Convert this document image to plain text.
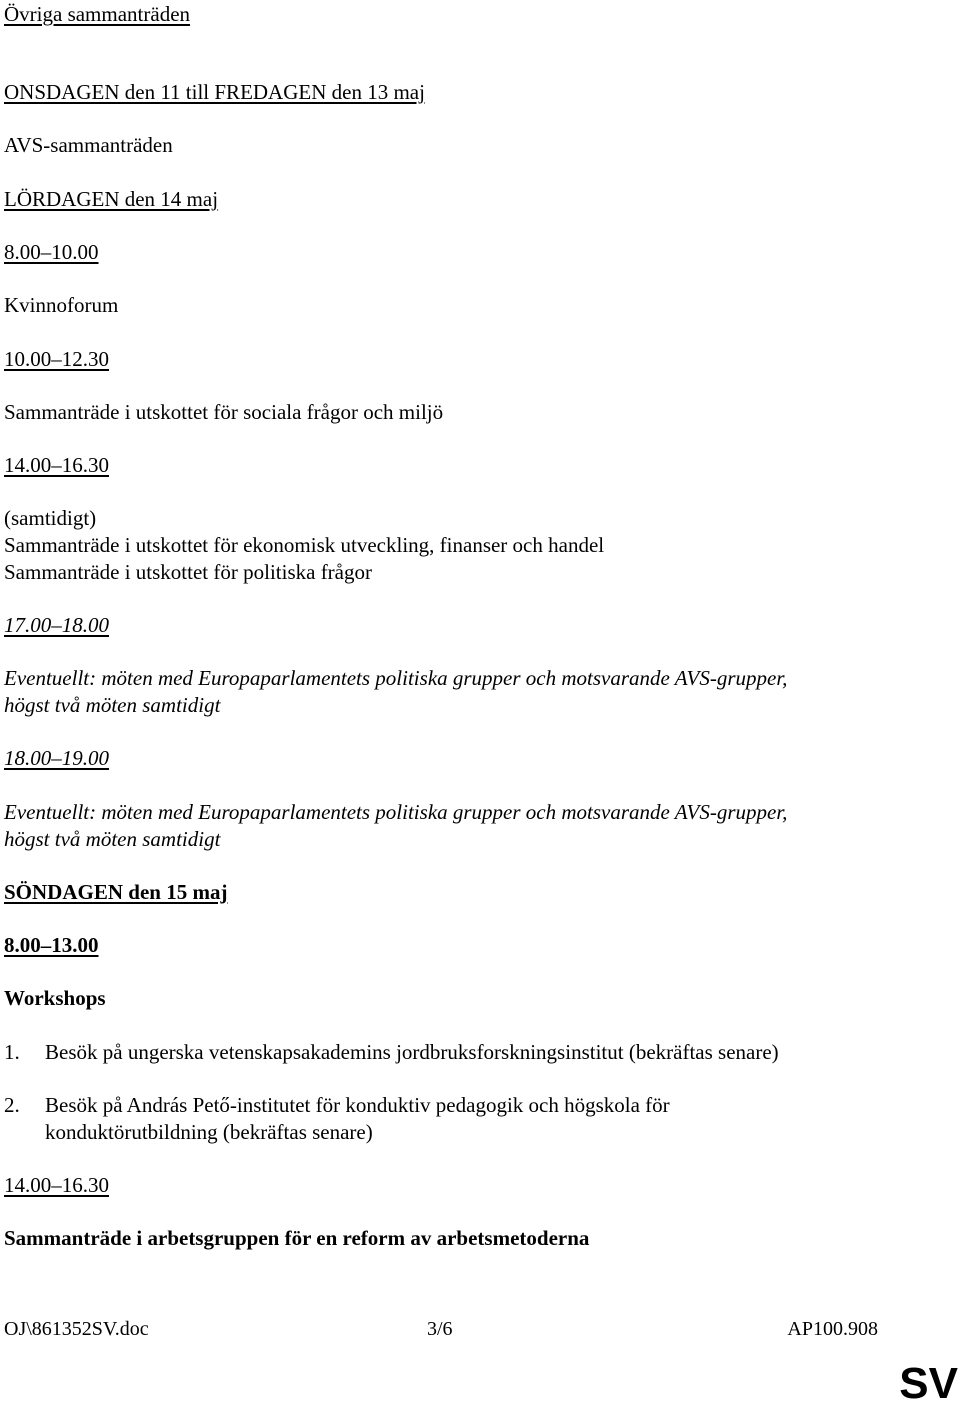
Övriga sammanträden
ONSDAGEN den 11 till FREDAGEN den 13 maj
AVS-sammanträden
LÖRDAGEN den 14 maj
8.00–10.00
Kvinnoforum
10.00–12.30
Sammanträde i utskottet för sociala frågor och miljö
14.00–16.30
(samtidigt)
Sammanträde i utskottet för ekonomisk utveckling, finanser och handel
Sammanträde i utskottet för politiska frågor
17.00–18.00
Eventuellt: möten med Europaparlamentets politiska grupper och motsvarande AVS-grupper,
högst två möten samtidigt
18.00–19.00
Eventuellt: möten med Europaparlamentets politiska grupper och motsvarande AVS-grupper,
högst två möten samtidigt
SÖNDAGEN den 15 maj
8.00–13.00
Workshops
1. Besök på ungerska vetenskapsakademins jordbruksforskningsinstitut (bekräftas senare)
2. Besök på András Pető-institutet för konduktiv pedagogik och högskola för
konduktörutbildning (bekräftas senare)
14.00–16.30
Sammanträde i arbetsgruppen för en reform av arbetsmetoderna
OJ\861352SV.doc	3/6	AP100.908
SV
